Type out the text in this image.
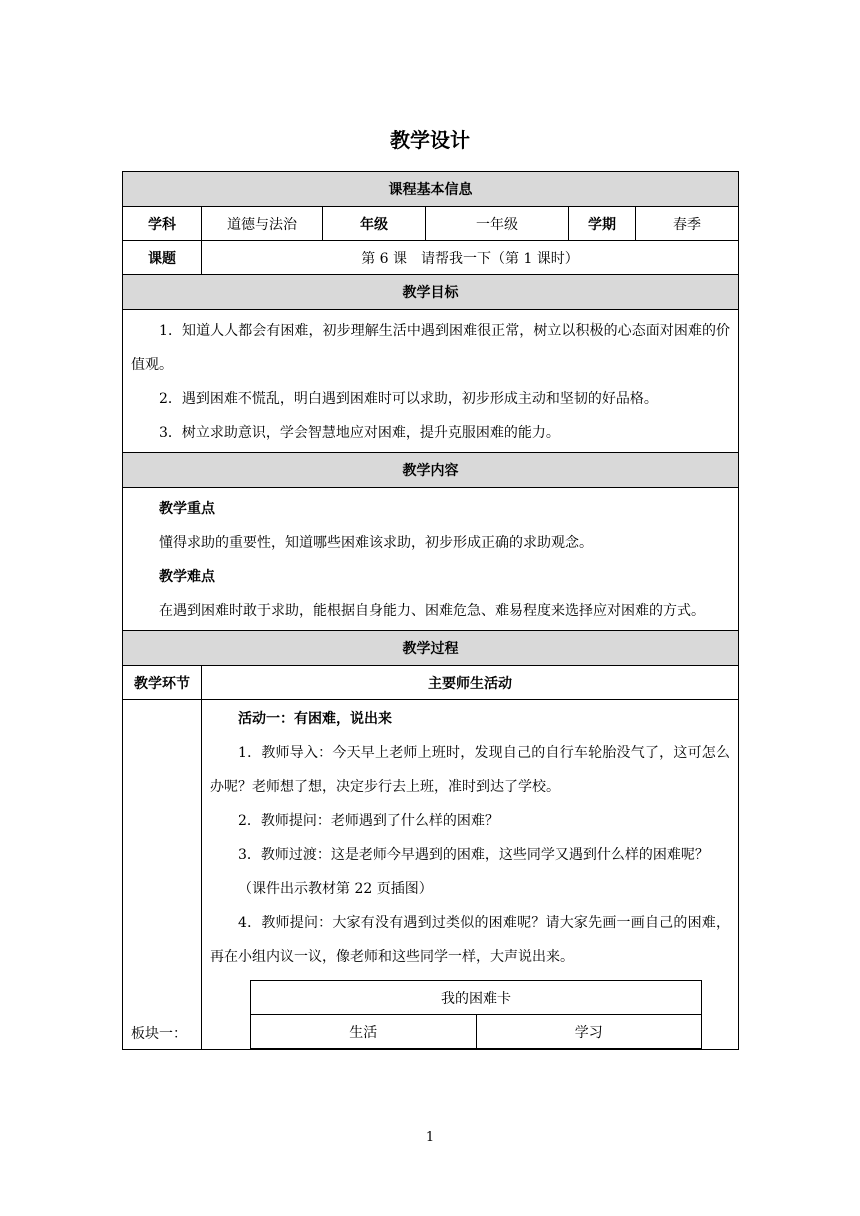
教学设计
课程基本信息
学科	道德与法治	年级	一年级	学期	春季
课题	第 6 课　请帮我一下（第 1 课时）
教学目标

1．知道人人都会有困难，初步理解生活中遇到困难很正常，树立以积极的心态面对困难的价值观。

2．遇到困难不慌乱，明白遇到困难时可以求助，初步形成主动和坚韧的好品格。

3．树立求助意识，学会智慧地应对困难，提升克服困难的能力。

教学内容

教学重点

懂得求助的重要性，知道哪些困难该求助，初步形成正确的求助观念。

教学难点

在遇到困难时敢于求助，能根据自身能力、困难危急、难易程度来选择应对困难的方式。

教学过程
教学环节	主要师生活动
板块一：	

活动一：有困难，说出来

1．教师导入：今天早上老师上班时，发现自己的自行车轮胎没气了，这可怎么办呢？老师想了想，决定步行去上班，准时到达了学校。

2．教师提问：老师遇到了什么样的困难？

3．教师过渡：这是老师今早遇到的困难，这些同学又遇到什么样的困难呢？

（课件出示教材第 22 页插图）

4．教师提问：大家有没有遇到过类似的困难呢？请大家先画一画自己的困难，再在小组内议一议，像老师和这些同学一样，大声说出来。

我的困难卡
生活	学习
1
